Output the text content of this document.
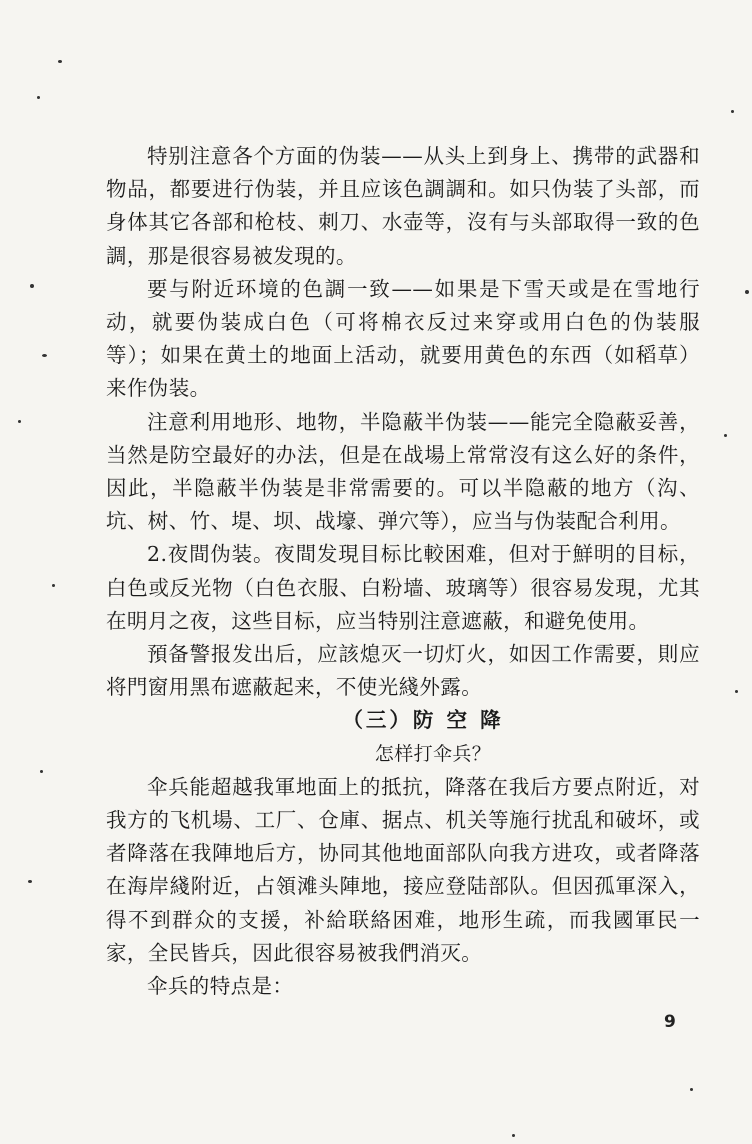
特别注意各个方面的伪装——从头上到身上、携带的武器和物品，都要进行伪装，并且应该色調調和。如只伪装了头部，而身体其它各部和枪枝、刺刀、水壶等，沒有与头部取得一致的色調，那是很容易被发現的。

要与附近环境的色調一致——如果是下雪天或是在雪地行动，就要伪装成白色（可将棉衣反过来穿或用白色的伪装服等）；如果在黄土的地面上活动，就要用黄色的东西（如稻草）来作伪装。

注意利用地形、地物，半隐蔽半伪装——能完全隐蔽妥善，当然是防空最好的办法，但是在战場上常常沒有这么好的条件，因此，半隐蔽半伪装是非常需要的。可以半隐蔽的地方（沟、坑、树、竹、堤、坝、战壕、弹穴等），应当与伪装配合利用。

2.夜間伪装。夜間发現目标比較困难，但对于鮮明的目标，白色或反光物（白色衣服、白粉墙、玻璃等）很容易发現，尤其在明月之夜，这些目标，应当特别注意遮蔽，和避免使用。

預备警报发出后，应該熄灭一切灯火，如因工作需要，則应将門窗用黑布遮蔽起来，不使光綫外露。

（三）防 空 降

怎样打伞兵？

伞兵能超越我軍地面上的抵抗，降落在我后方要点附近，对我方的飞机場、工厂、仓庫、据点、机关等施行扰乱和破坏，或者降落在我陣地后方，协同其他地面部队向我方进攻，或者降落在海岸綫附近，占領滩头陣地，接应登陆部队。但因孤軍深入，得不到群众的支援，补給联絡困难，地形生疏，而我國軍民一家，全民皆兵，因此很容易被我們消灭。

伞兵的特点是：

9
